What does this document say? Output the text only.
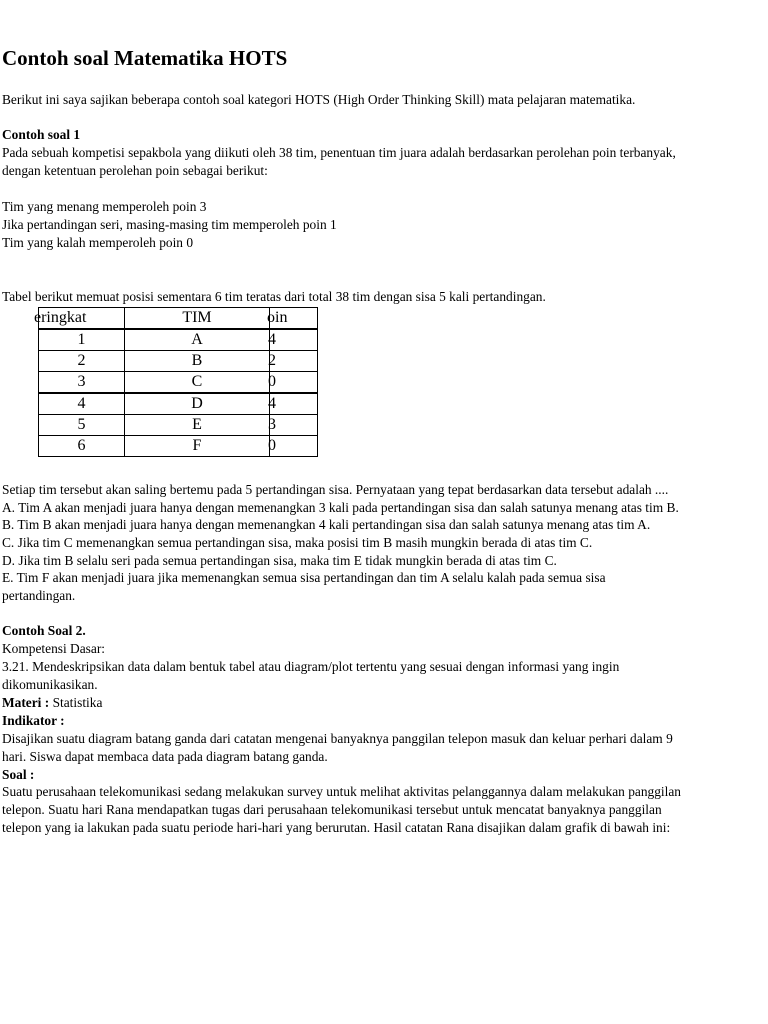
Contoh soal Matematika HOTS
Berikut ini saya sajikan beberapa contoh soal kategori HOTS (High Order Thinking Skill) mata pelajaran matematika.
Contoh soal 1
Pada sebuah kompetisi sepakbola yang diikuti oleh 38 tim, penentuan tim juara adalah berdasarkan perolehan poin terbanyak,
dengan ketentuan perolehan poin sebagai berikut:
Tim yang menang memperoleh poin 3
Jika pertandingan seri, masing-masing tim memperoleh poin 1
Tim yang kalah memperoleh poin 0
Tabel berikut memuat posisi sementara 6 tim teratas dari total 38 tim dengan sisa 5 kali pertandingan.
eringkat	TIM	oin
1	A	4
2	B	2
3	C	0
4	D	4
5	E	3
6	F	0
Setiap tim tersebut akan saling bertemu pada 5 pertandingan sisa. Pernyataan yang tepat berdasarkan data tersebut adalah ....
A. Tim A akan menjadi juara hanya dengan memenangkan 3 kali pada pertandingan sisa dan salah satunya menang atas tim B.
B. Tim B akan menjadi juara hanya dengan memenangkan 4 kali pertandingan sisa dan salah satunya menang atas tim A.
C. Jika tim C memenangkan semua pertandingan sisa, maka posisi tim B masih mungkin berada di atas tim C.
D. Jika tim B selalu seri pada semua pertandingan sisa, maka tim E tidak mungkin berada di atas tim C.
E. Tim F akan menjadi juara jika memenangkan semua sisa pertandingan dan tim A selalu kalah pada semua sisa
pertandingan.
Contoh Soal 2.
Kompetensi Dasar:
3.21. Mendeskripsikan data dalam bentuk tabel atau diagram/plot tertentu yang sesuai dengan informasi yang ingin
dikomunikasikan.
Materi : Statistika
Indikator :
Disajikan suatu diagram batang ganda dari catatan mengenai banyaknya panggilan telepon masuk dan keluar perhari dalam 9
hari. Siswa dapat membaca data pada diagram batang ganda.
Soal :
Suatu perusahaan telekomunikasi sedang melakukan survey untuk melihat aktivitas pelanggannya dalam melakukan panggilan
telepon. Suatu hari Rana mendapatkan tugas dari perusahaan telekomunikasi tersebut untuk mencatat banyaknya panggilan
telepon yang ia lakukan pada suatu periode hari-hari yang berurutan. Hasil catatan Rana disajikan dalam grafik di bawah ini:
